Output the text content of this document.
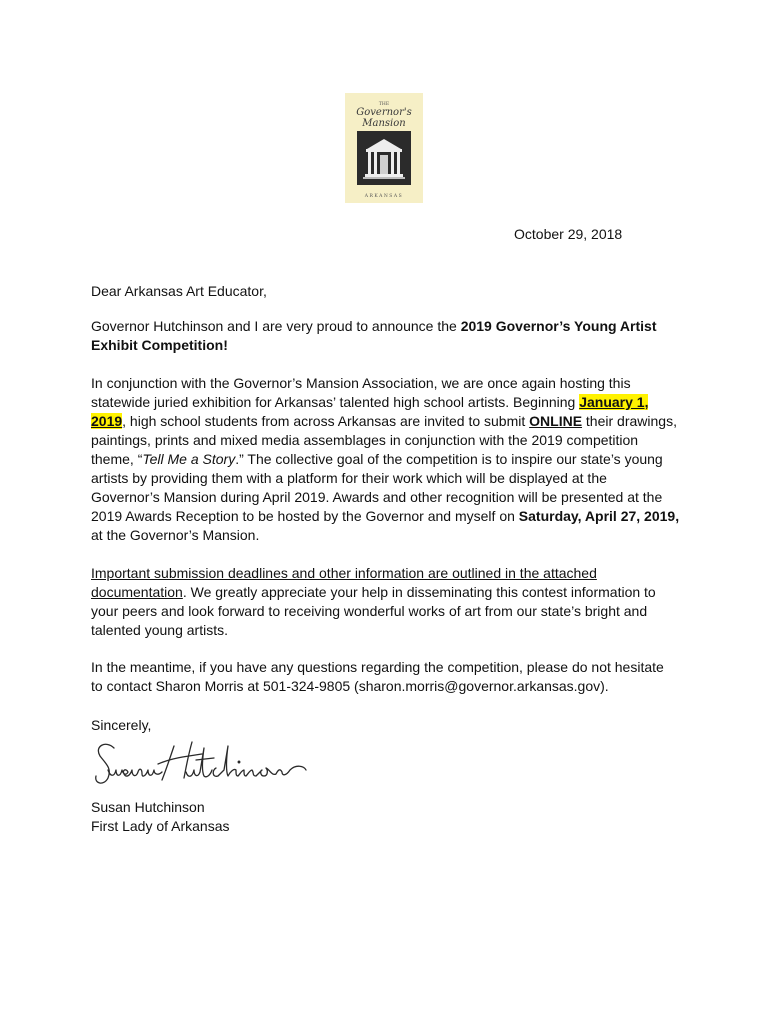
THE
Governor's
Mansion
ARKANSAS
October 29, 2018

Dear Arkansas Art Educator,

Governor Hutchinson and I are very proud to announce the 2019 Governor’s Young Artist
Exhibit Competition!
In conjunction with the Governor’s Mansion Association, we are once again hosting this
statewide juried exhibition for Arkansas’ talented high school artists. Beginning January 1,
2019, high school students from across Arkansas are invited to submit ONLINE their drawings,
paintings, prints and mixed media assemblages in conjunction with the 2019 competition
theme, “Tell Me a Story.” The collective goal of the competition is to inspire our state’s young
artists by providing them with a platform for their work which will be displayed at the
Governor’s Mansion during April 2019. Awards and other recognition will be presented at the
2019 Awards Reception to be hosted by the Governor and myself on Saturday, April 27, 2019,
at the Governor’s Mansion.
Important submission deadlines and other information are outlined in the attached
documentation. We greatly appreciate your help in disseminating this contest information to
your peers and look forward to receiving wonderful works of art from our state’s bright and
talented young artists.
In the meantime, if you have any questions regarding the competition, please do not hesitate
to contact Sharon Morris at 501-324-9805 (sharon.morris@governor.arkansas.gov).

Sincerely,

Susan Hutchinson
First Lady of Arkansas
